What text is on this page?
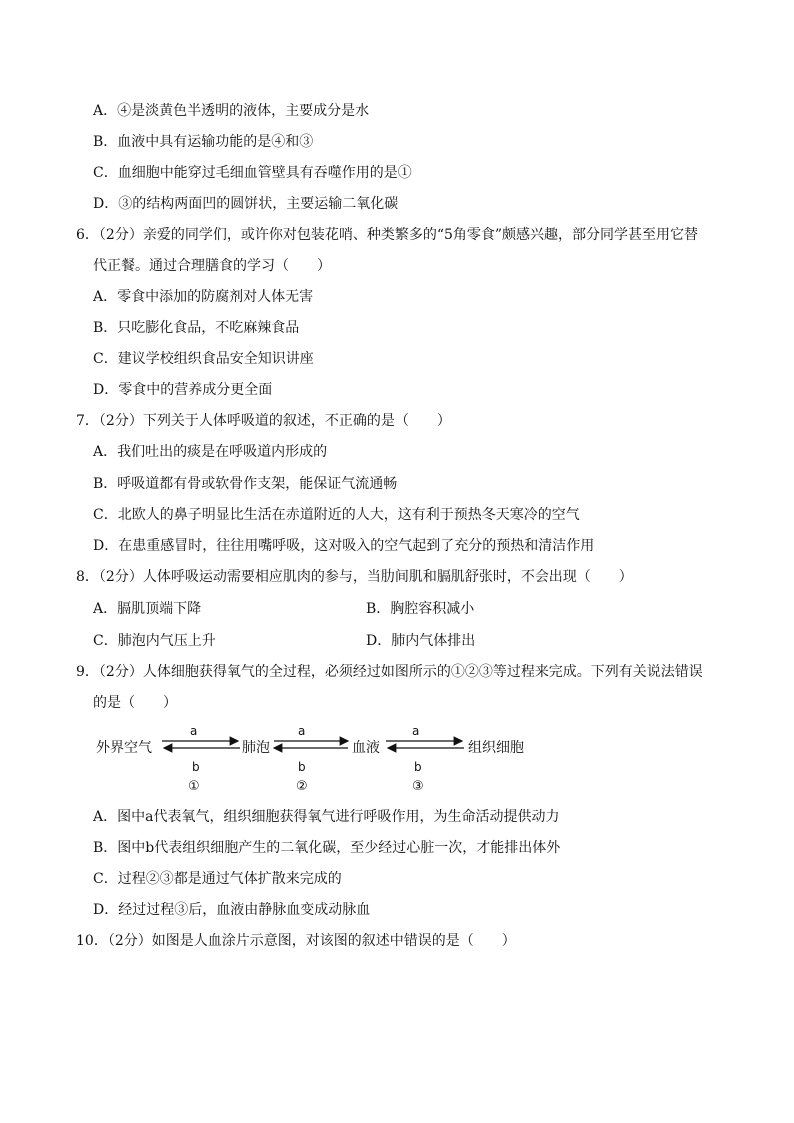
A．④是淡黄色半透明的液体，主要成分是水
B．血液中具有运输功能的是④和③
C．血细胞中能穿过毛细血管壁具有吞噬作用的是①
D．③的结构两面凹的圆饼状，主要运输二氧化碳
6．（2分）亲爱的同学们，或许你对包装花哨、种类繁多的“5角零食”颇感兴趣，部分同学甚至用它替
代正餐。通过合理膳食的学习（　　）
A．零食中添加的防腐剂对人体无害
B．只吃膨化食品，不吃麻辣食品
C．建议学校组织食品安全知识讲座
D．零食中的营养成分更全面
7．（2分）下列关于人体呼吸道的叙述，不正确的是（　　）
A．我们吐出的痰是在呼吸道内形成的
B．呼吸道都有骨或软骨作支架，能保证气流通畅
C．北欧人的鼻子明显比生活在赤道附近的人大，这有利于预热冬天寒冷的空气
D．在患重感冒时，往往用嘴呼吸，这对吸入的空气起到了充分的预热和清洁作用
8．（2分）人体呼吸运动需要相应肌肉的参与，当肋间肌和膈肌舒张时，不会出现（　　）
A．膈肌顶端下降	B．胸腔容积减小
C．肺泡内气压上升	D．肺内气体排出
9．（2分）人体细胞获得氧气的全过程，必须经过如图所示的①②③等过程来完成。下列有关说法错误
的是（　　）
外界空气	肺泡	血液	组织细胞
a
b
①
a
b
②
a
b
③
A．图中a代表氧气，组织细胞获得氧气进行呼吸作用，为生命活动提供动力
B．图中b代表组织细胞产生的二氧化碳，至少经过心脏一次，才能排出体外
C．过程②③都是通过气体扩散来完成的
D．经过过程③后，血液由静脉血变成动脉血
10．（2分）如图是人血涂片示意图，对该图的叙述中错误的是（　　）
